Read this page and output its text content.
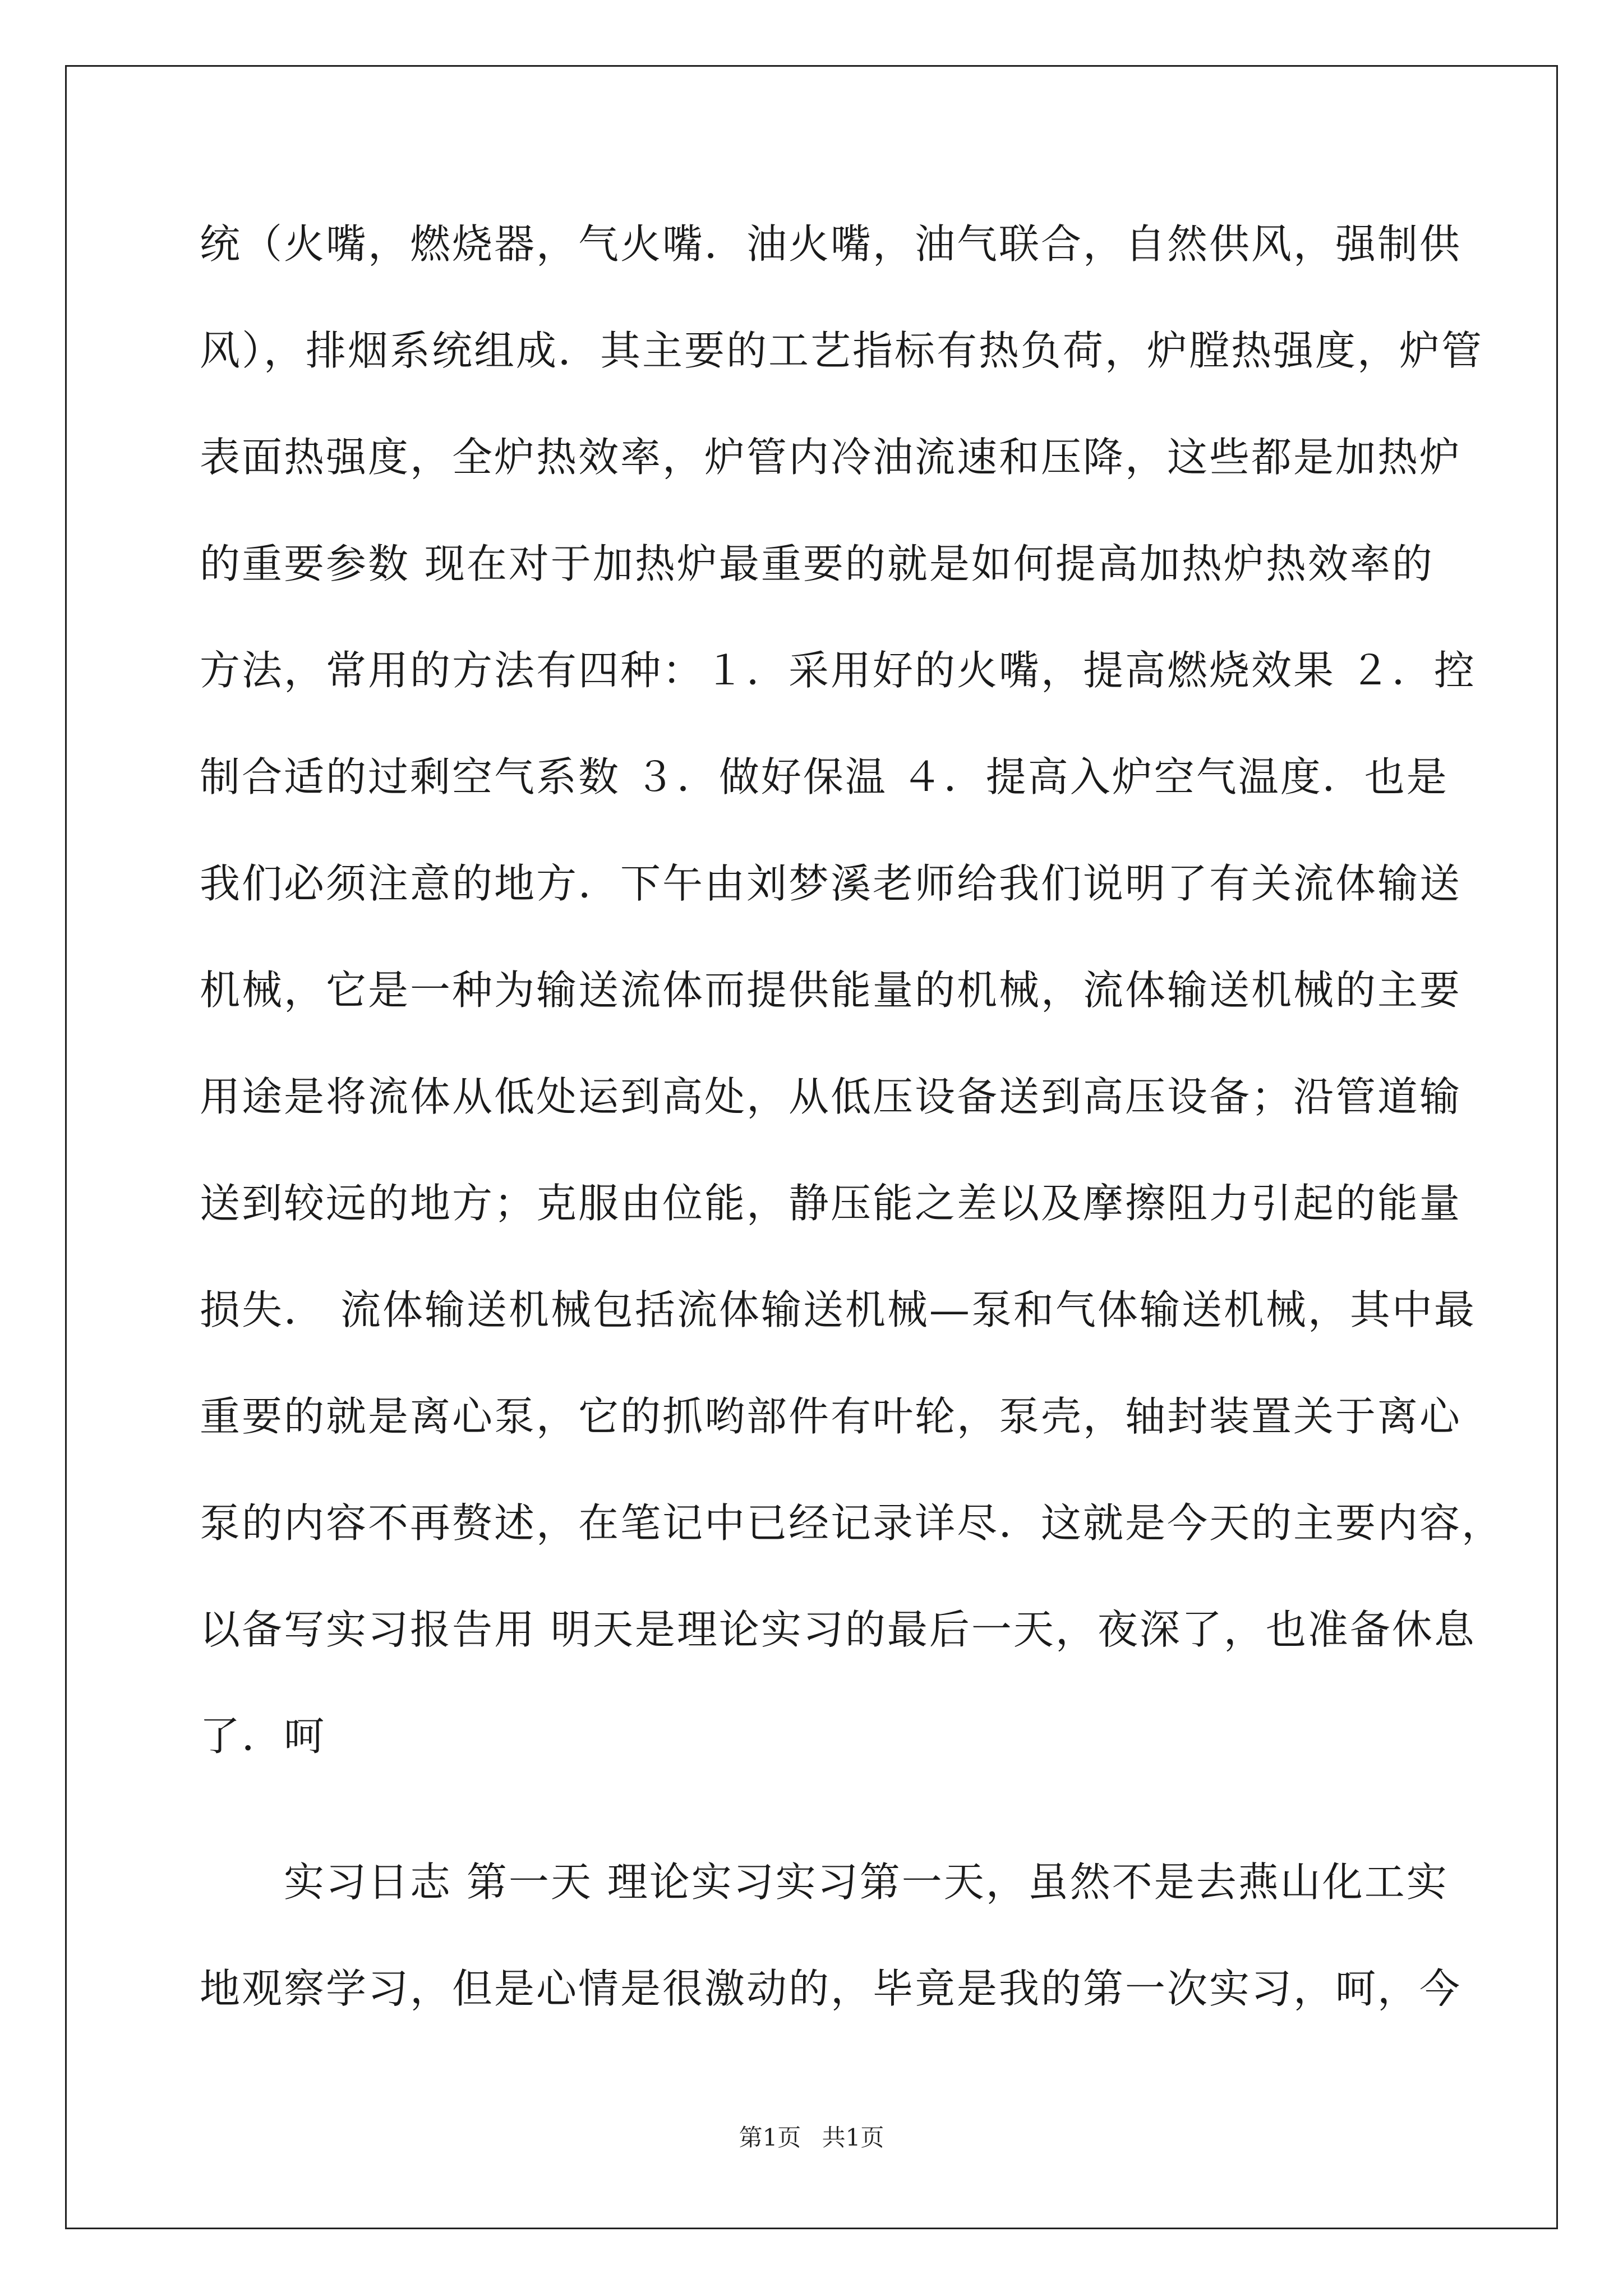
统（火嘴，燃烧器，气火嘴．油火嘴，油气联合，自然供风，强制供
风），排烟系统组成．其主要的工艺指标有热负荷，炉膛热强度，炉管
表面热强度，全炉热效率，炉管内冷油流速和压降，这些都是加热炉
的重要参数 现在对于加热炉最重要的就是如何提高加热炉热效率的
方法，常用的方法有四种：１．采用好的火嘴，提高燃烧效果 ２．控
制合适的过剩空气系数 ３．做好保温 ４．提高入炉空气温度．也是
我们必须注意的地方．下午由刘梦溪老师给我们说明了有关流体输送
机械，它是一种为输送流体而提供能量的机械，流体输送机械的主要
用途是将流体从低处运到高处，从低压设备送到高压设备；沿管道输
送到较远的地方；克服由位能，静压能之差以及摩擦阻力引起的能量
损失． 流体输送机械包括流体输送机械—泵和气体输送机械，其中最
重要的就是离心泵，它的抓哟部件有叶轮，泵壳，轴封装置关于离心
泵的内容不再赘述，在笔记中已经记录详尽．这就是今天的主要内容，
以备写实习报告用 明天是理论实习的最后一天，夜深了，也准备休息
了．呵
实习日志 第一天 理论实习实习第一天，虽然不是去燕山化工实
地观察学习，但是心情是很激动的，毕竟是我的第一次实习，呵，今
第1页 共1页
